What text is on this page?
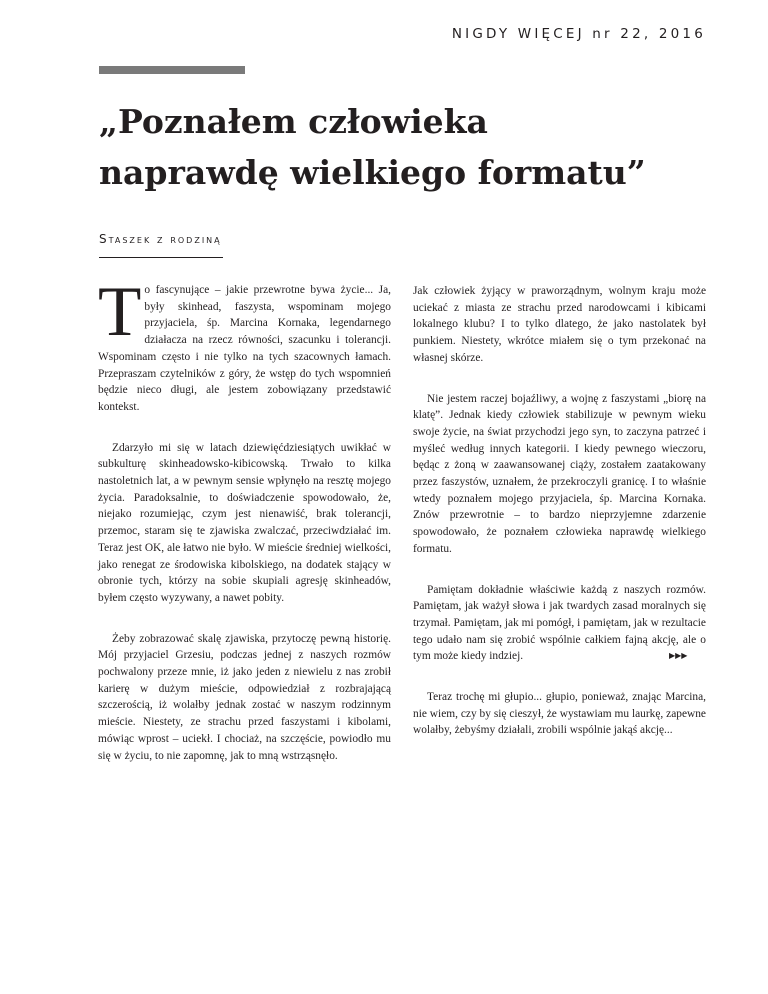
NIGDY WIĘCEJ nr 22, 2016
„Poznałem człowieka
naprawdę wielkiego formatu”
Staszek z rodziną

To fascynujące – jakie przewrotne bywa życie... Ja, były skinhead, faszysta, wspominam mojego przyjaciela, śp. Marcina Kornaka, legendarnego działacza na rzecz równości, szacunku i tolerancji. Wspominam często i nie tylko na tych szacownych łamach. Przepraszam czytelników z góry, że wstęp do tych wspomnień będzie nieco długi, ale jestem zobowiązany przedstawić kontekst.

Zdarzyło mi się w latach dziewięćdziesiątych uwikłać w subkulturę skinheadowsko-kibicowską. Trwało to kilka nastoletnich lat, a w pewnym sensie wpłynęło na resztę mojego życia. Paradoksalnie, to doświadczenie spowodowało, że, niejako rozumiejąc, czym jest nienawiść, brak tolerancji, przemoc, staram się te zjawiska zwalczać, przeciwdziałać im. Teraz jest OK, ale łatwo nie było. W mieście średniej wielkości, jako renegat ze środowiska kibolskiego, na dodatek stający w obronie tych, którzy na sobie skupiali agresję skinheadów, byłem często wyzywany, a nawet pobity.

Żeby zobrazować skalę zjawiska, przytoczę pewną historię. Mój przyjaciel Grzesiu, podczas jednej z naszych rozmów pochwalony przeze mnie, iż jako jeden z niewielu z nas zrobił karierę w dużym mieście, odpowiedział z rozbrajającą szczerością, iż wolałby jednak zostać w naszym rodzinnym mieście. Niestety, ze strachu przed faszystami i kibolami, mówiąc wprost – uciekł. I chociaż, na szczęście, powiodło mu się w życiu, to nie zapomnę, jak to mną wstrząsnęło.

Jak człowiek żyjący w praworządnym, wolnym kraju może uciekać z miasta ze strachu przed narodowcami i kibicami lokalnego klubu? I to tylko dlatego, że jako nastolatek był punkiem. Niestety, wkrótce miałem się o tym przekonać na własnej skórze.

Nie jestem raczej bojaźliwy, a wojnę z faszystami „biorę na klatę”. Jednak kiedy człowiek stabilizuje w pewnym wieku swoje życie, na świat przychodzi jego syn, to zaczyna patrzeć i myśleć według innych kategorii. I kiedy pewnego wieczoru, będąc z żoną w zaawansowanej ciąży, zostałem zaatakowany przez faszystów, uznałem, że przekroczyli granicę. I to właśnie wtedy poznałem mojego przyjaciela, śp. Marcina Kornaka. Znów przewrotnie – to bardzo nieprzyjemne zdarzenie spowodowało, że poznałem człowieka naprawdę wielkiego formatu.

Pamiętam dokładnie właściwie każdą z naszych rozmów. Pamiętam, jak ważył słowa i jak twardych zasad moralnych się trzymał. Pamiętam, jak mi pomógł, i pamiętam, jak w rezultacie tego udało nam się zrobić wspólnie całkiem fajną akcję, ale o tym może kiedy indziej.

Teraz trochę mi głupio... głupio, ponieważ, znając Marcina, nie wiem, czy by się cieszył, że wystawiam mu laurkę, zapewne wolałby, żebyśmy działali, zrobili wspólnie jakąś akcję...

▶▶▶
